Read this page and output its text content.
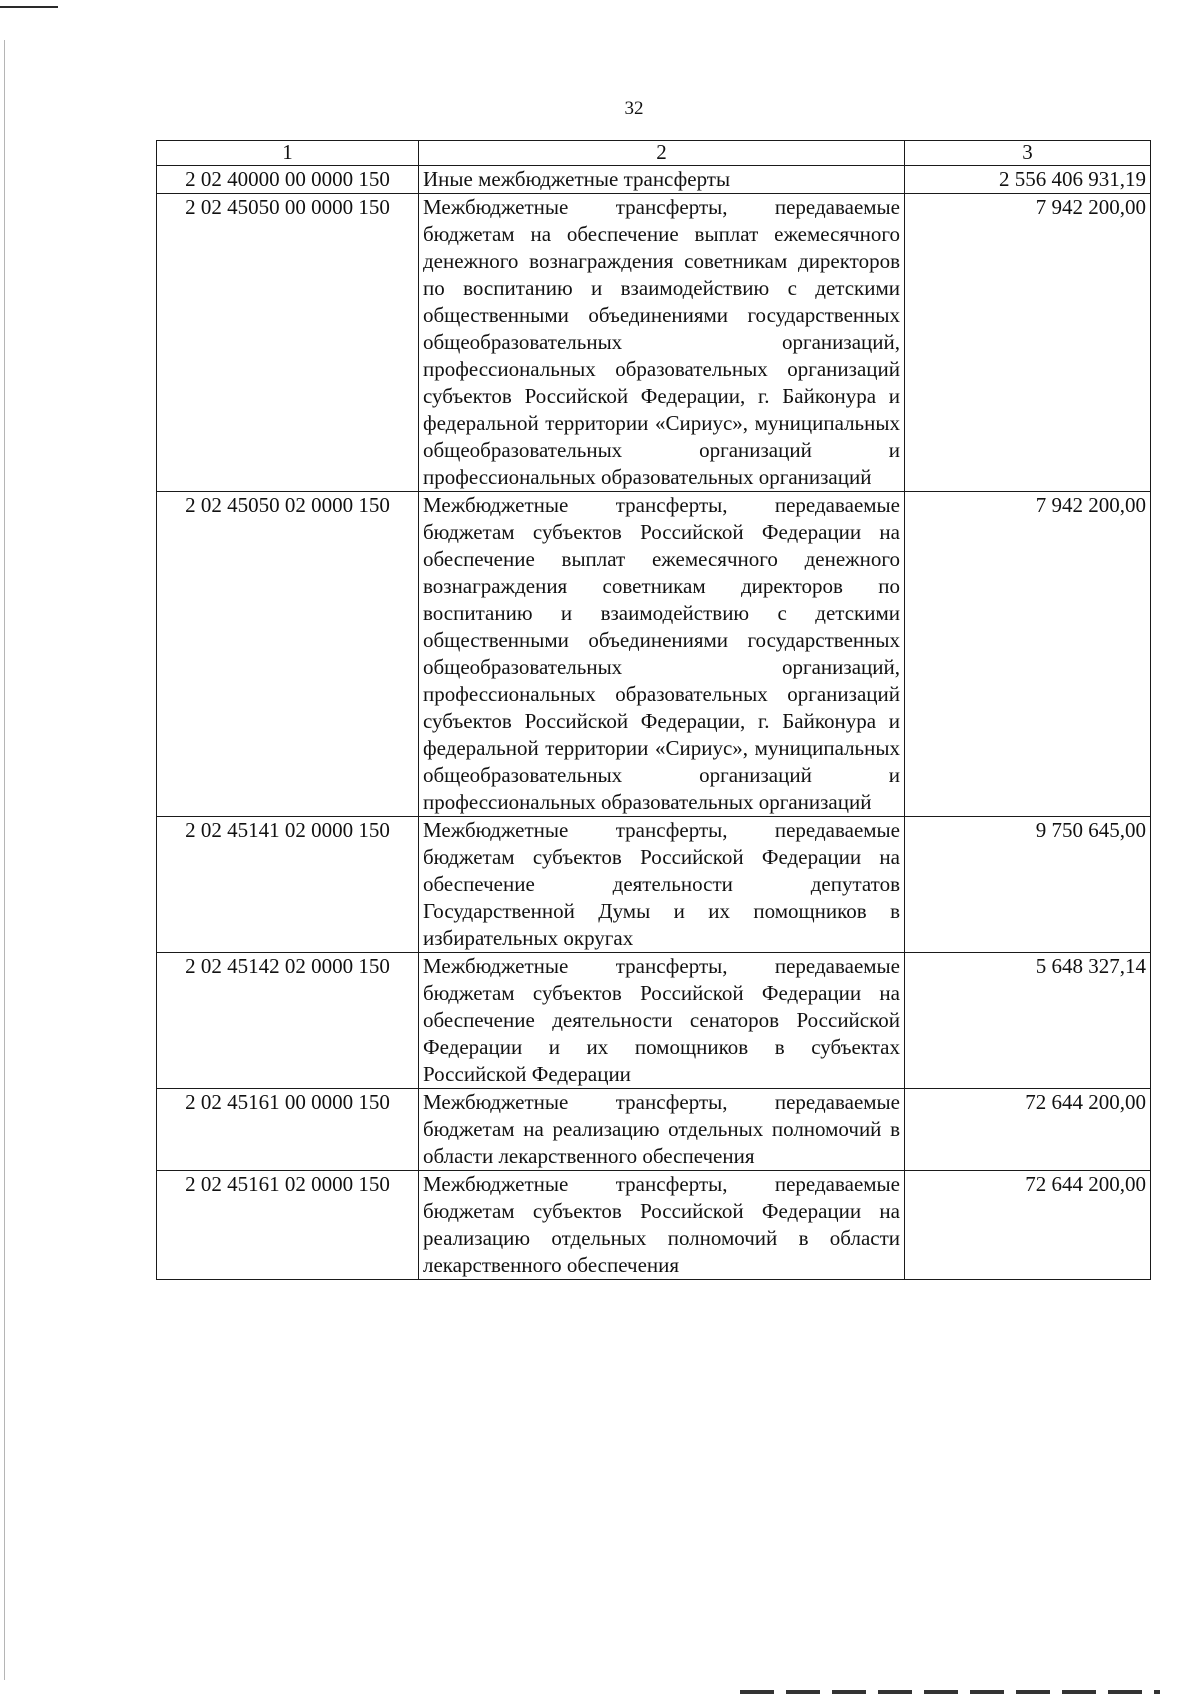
32
1	2	3
2 02 40000 00 0000 150	Иные межбюджетные трансферты	2 556 406 931,19
2 02 45050 00 0000 150	Межбюджетные трансферты, передаваемые бюджетам на обеспечение выплат ежемесячного денежного вознаграждения советникам директоров по воспитанию и взаимодействию с детскими общественными объединениями государственных общеобразовательных организаций, профессиональных образовательных организаций субъектов Российской Федерации, г. Байконура и федеральной территории «Сириус», муниципальных общеобразовательных организаций и профессиональных образовательных организаций	7 942 200,00
2 02 45050 02 0000 150	Межбюджетные трансферты, передаваемые бюджетам субъектов Российской Федерации на обеспечение выплат ежемесячного денежного вознаграждения советникам директоров по воспитанию и взаимодействию с детскими общественными объединениями государственных общеобразовательных организаций, профессиональных образовательных организаций субъектов Российской Федерации, г. Байконура и федеральной территории «Сириус», муниципальных общеобразовательных организаций и профессиональных образовательных организаций	7 942 200,00
2 02 45141 02 0000 150	Межбюджетные трансферты, передаваемые бюджетам субъектов Российской Федерации на обеспечение деятельности депутатов Государственной Думы и их помощников в избирательных округах	9 750 645,00
2 02 45142 02 0000 150	Межбюджетные трансферты, передаваемые бюджетам субъектов Российской Федерации на обеспечение деятельности сенаторов Российской Федерации и их помощников в субъектах Российской Федерации	5 648 327,14
2 02 45161 00 0000 150	Межбюджетные трансферты, передаваемые бюджетам на реализацию отдельных полномочий в области лекарственного обеспечения	72 644 200,00
2 02 45161 02 0000 150	Межбюджетные трансферты, передаваемые бюджетам субъектов Российской Федерации на реализацию отдельных полномочий в области лекарственного обеспечения	72 644 200,00
